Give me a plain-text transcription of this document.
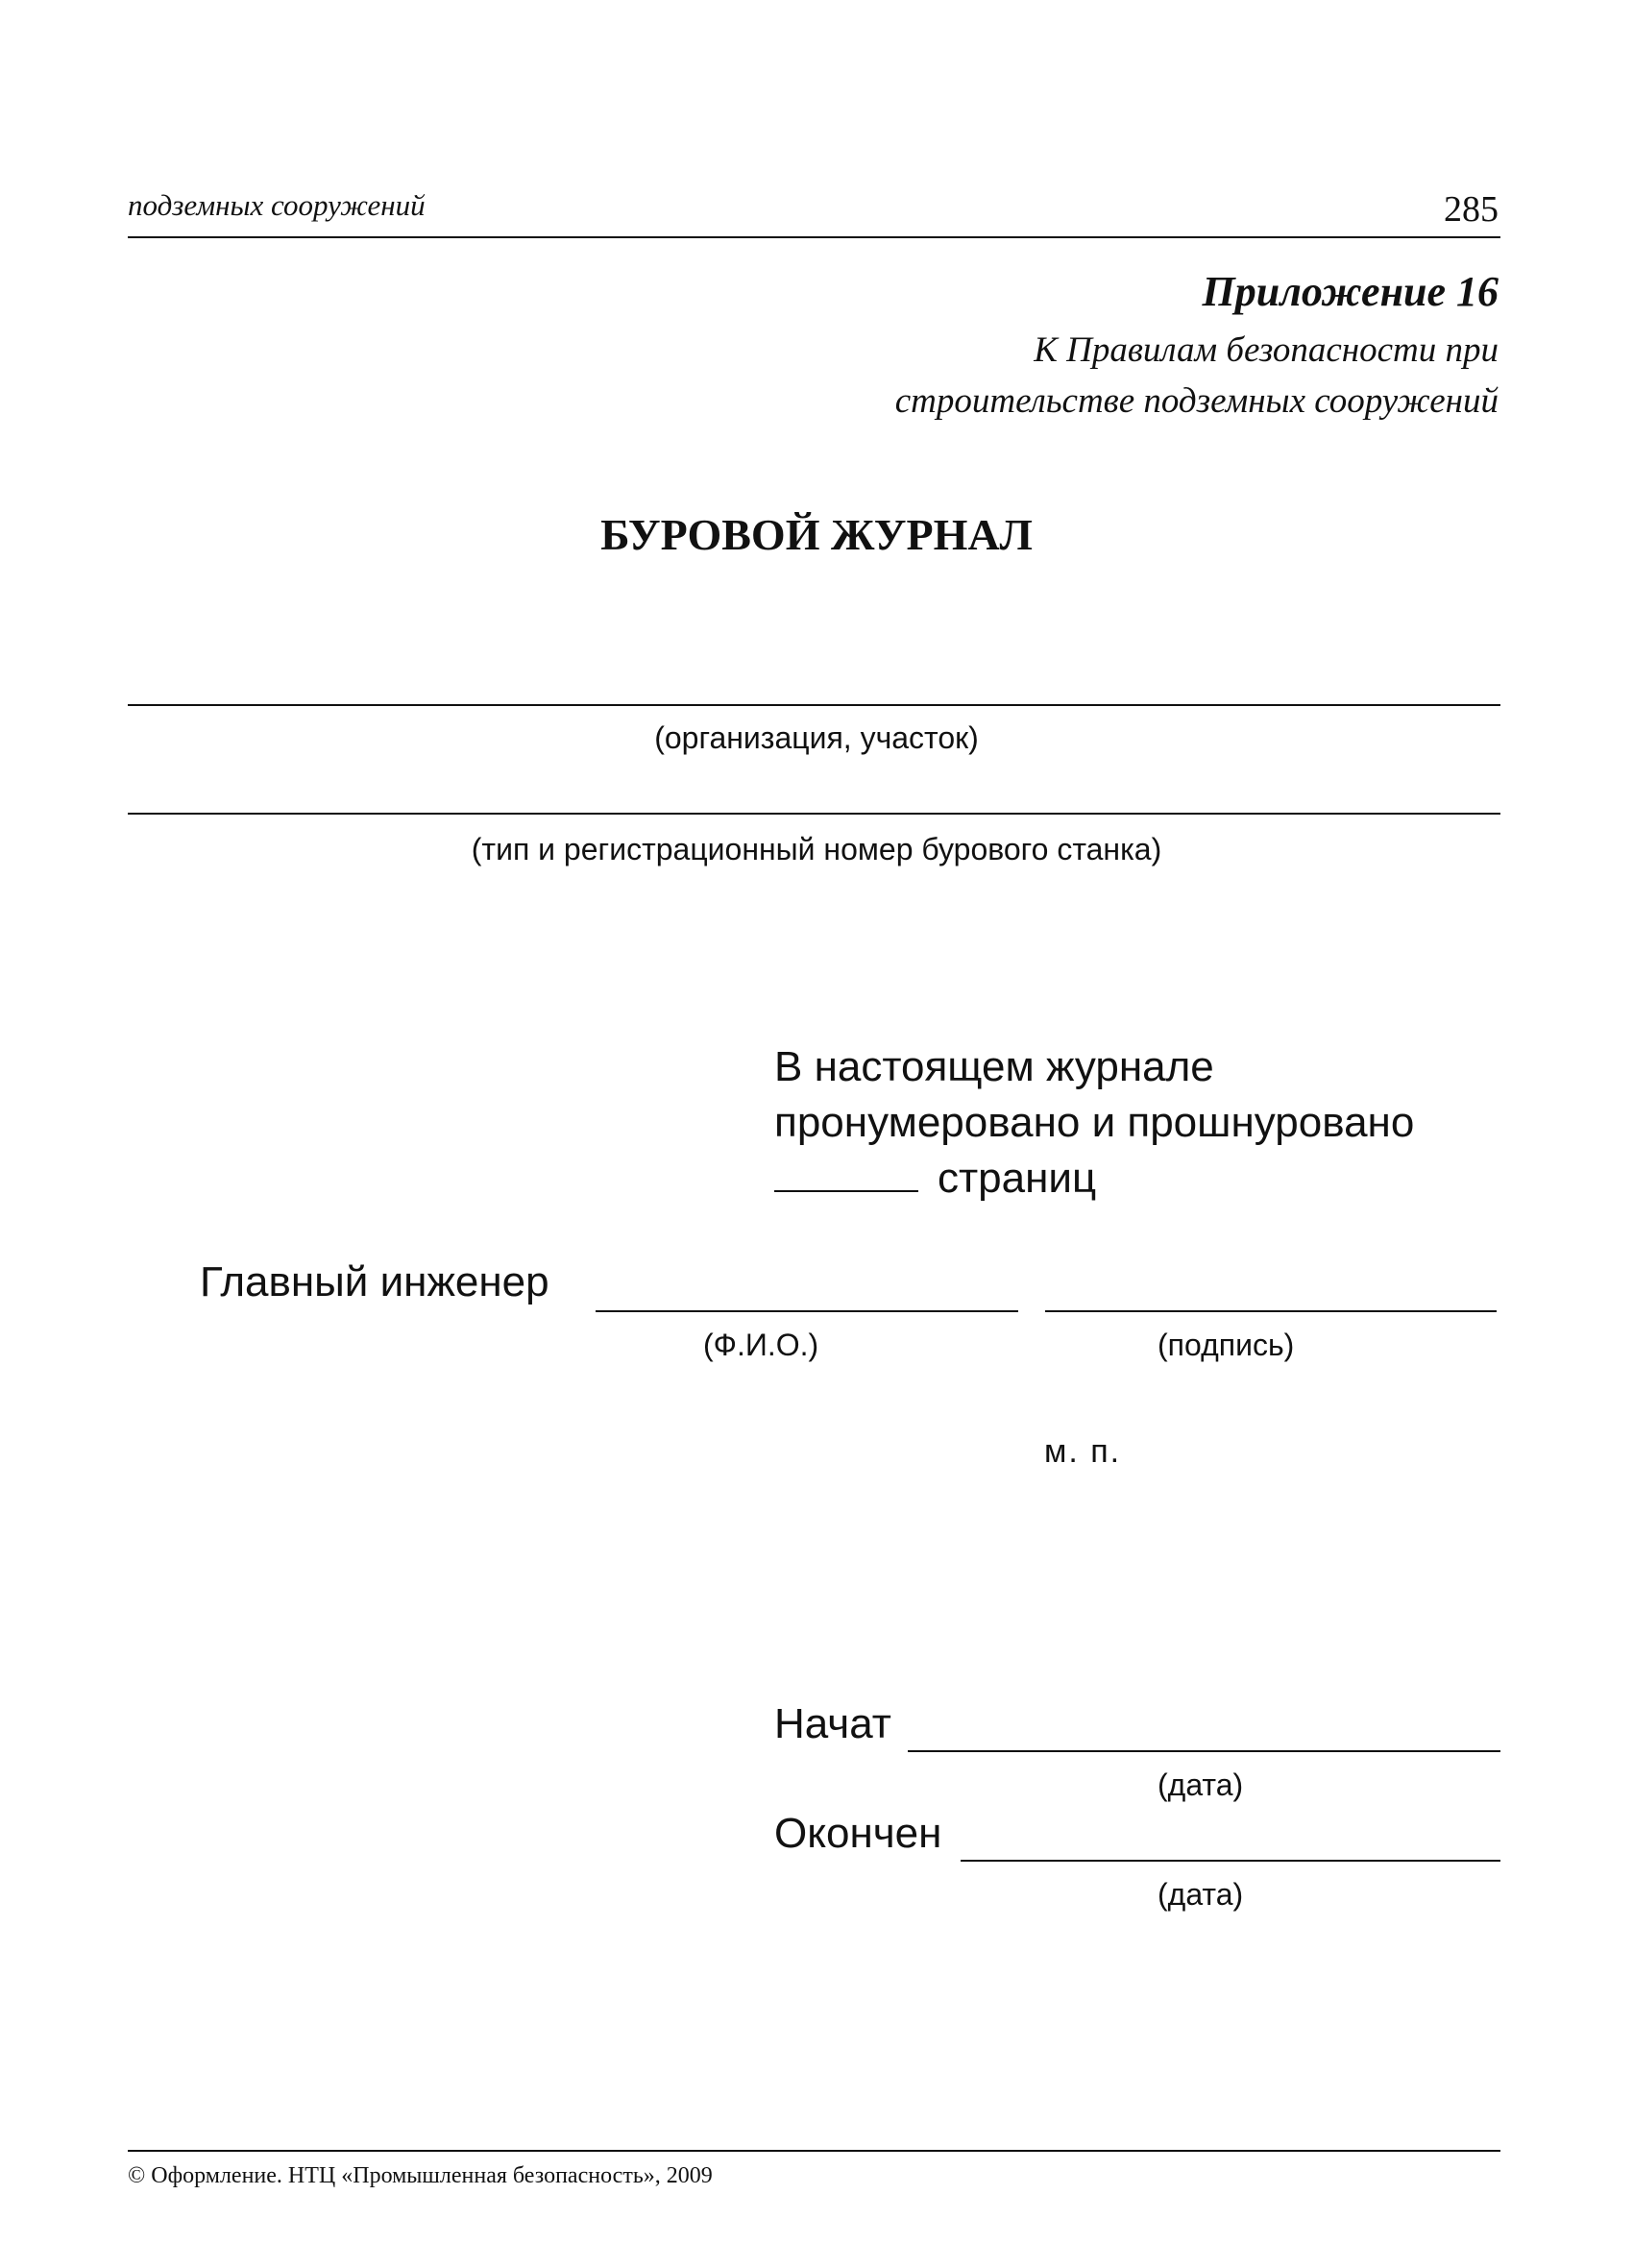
подземных сооружений	285
Приложение 16
К Правилам безопасности при
строительстве подземных сооружений
БУРОВОЙ ЖУРНАЛ
(организация, участок)
(тип и регистрационный номер бурового станка)
В настоящем журнале
пронумеровано и прошнуровано
страниц
Главный инженер
(Ф.И.О.)	(подпись)
м. п.
Начат
(дата)
Окончен
(дата)
© Оформление. НТЦ «Промышленная безопасность», 2009
